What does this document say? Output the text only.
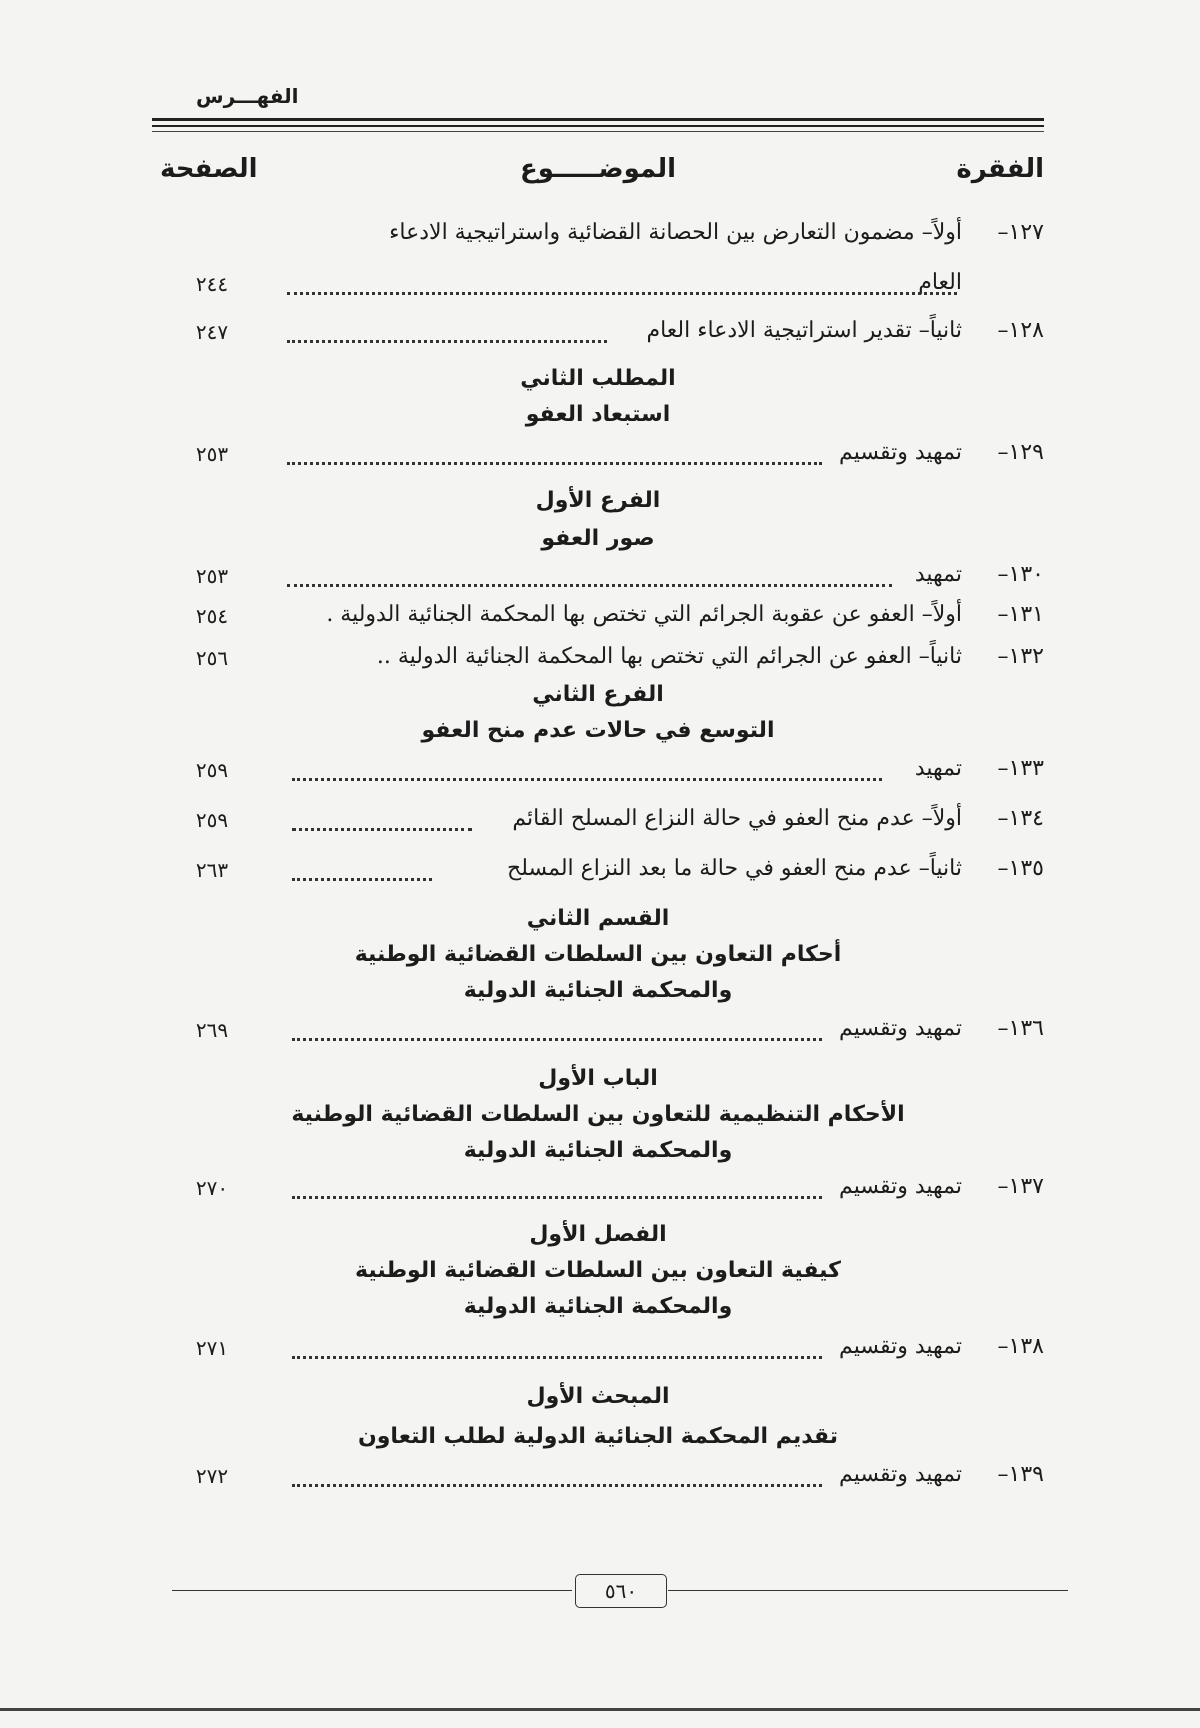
الفهـــرس
الفقرة
الموضـــــوع
الصفحة
١٢٧–
أولاً– مضمون التعارض بين الحصانة القضائية واستراتيجية الادعاء
العام
٢٤٤
١٢٨–
ثانياً– تقدير استراتيجية الادعاء العام
٢٤٧
المطلب الثاني
استبعاد العفو
١٢٩–
تمهيد وتقسيم
٢٥٣
الفرع الأول
صور العفو
١٣٠–
تمهيد
٢٥٣
١٣١–
أولاً– العفو عن عقوبة الجرائم التي تختص بها المحكمة الجنائية الدولية .
٢٥٤
١٣٢–
ثانياً– العفو عن الجرائم التي تختص بها المحكمة الجنائية الدولية ..
٢٥٦
الفرع الثاني
التوسع في حالات عدم منح العفو
١٣٣–
تمهيد
٢٥٩
١٣٤–
أولاً– عدم منح العفو في حالة النزاع المسلح القائم
٢٥٩
١٣٥–
ثانياً– عدم منح العفو في حالة ما بعد النزاع المسلح
٢٦٣
القسم الثاني
أحكام التعاون بين السلطات القضائية الوطنية
والمحكمة الجنائية الدولية
١٣٦–
تمهيد وتقسيم
٢٦٩
الباب الأول
الأحكام التنظيمية للتعاون بين السلطات القضائية الوطنية
والمحكمة الجنائية الدولية
١٣٧–
تمهيد وتقسيم
٢٧٠
الفصل الأول
كيفية التعاون بين السلطات القضائية الوطنية
والمحكمة الجنائية الدولية
١٣٨–
تمهيد وتقسيم
٢٧١
المبحث الأول
تقديم المحكمة الجنائية الدولية لطلب التعاون
١٣٩–
تمهيد وتقسيم
٢٧٢
٥٦٠
